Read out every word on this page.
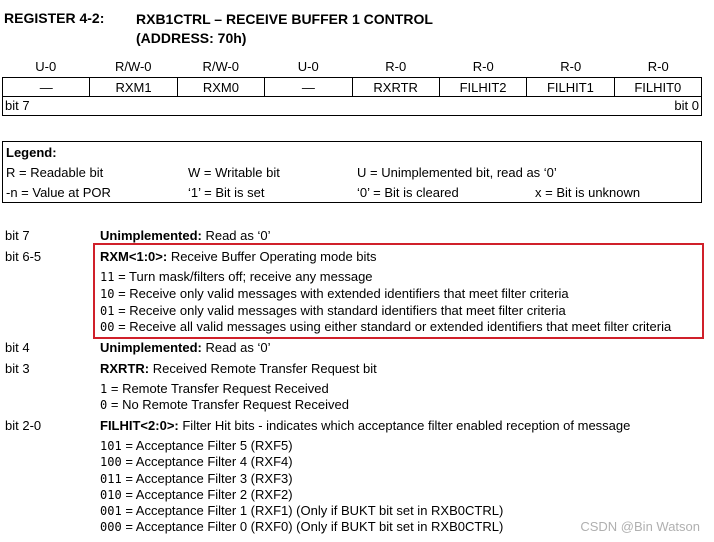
REGISTER 4-2: RXB1CTRL – RECEIVE BUFFER 1 CONTROL
(ADDRESS: 70h)
U-0	R/W-0	R/W-0	U-0	R-0	R-0	R-0	R-0
—	RXM1	RXM0	—	RXRTR	FILHIT2	FILHIT1	FILHIT0
bit 7	bit 0
Legend:
R = Readable bit	W = Writable bit	U = Unimplemented bit, read as ‘0’
-n = Value at POR	‘1’ = Bit is set	‘0’ = Bit is cleared	x = Bit is unknown
bit 7	Unimplemented: Read as ‘0’
bit 6-5	RXM<1:0>: Receive Buffer Operating mode bits
11 = Turn mask/filters off; receive any message
10 = Receive only valid messages with extended identifiers that meet filter criteria
01 = Receive only valid messages with standard identifiers that meet filter criteria
00 = Receive all valid messages using either standard or extended identifiers that meet filter criteria
bit 4	Unimplemented: Read as ‘0’
bit 3	RXRTR: Received Remote Transfer Request bit
1 = Remote Transfer Request Received
0 = No Remote Transfer Request Received
bit 2-0	FILHIT<2:0>: Filter Hit bits - indicates which acceptance filter enabled reception of message
101 = Acceptance Filter 5 (RXF5)
100 = Acceptance Filter 4 (RXF4)
011 = Acceptance Filter 3 (RXF3)
010 = Acceptance Filter 2 (RXF2)
001 = Acceptance Filter 1 (RXF1) (Only if BUKT bit set in RXB0CTRL)
000 = Acceptance Filter 0 (RXF0) (Only if BUKT bit set in RXB0CTRL)	CSDN @Bin Watson
